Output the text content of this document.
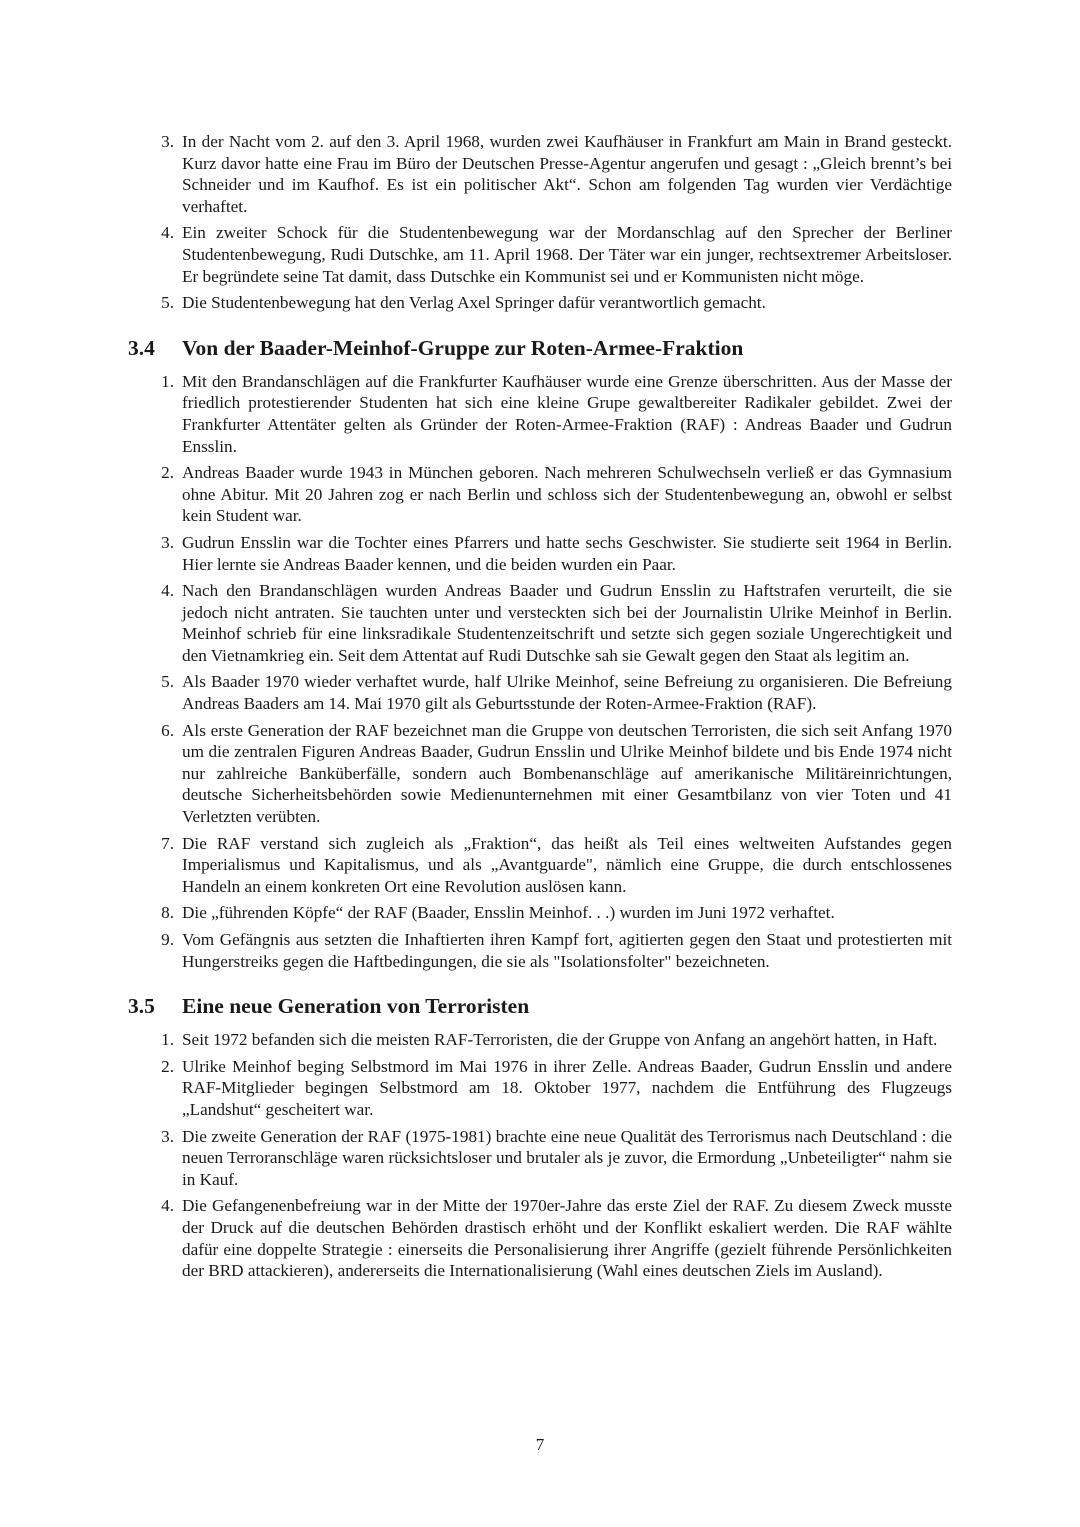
3. In der Nacht vom 2. auf den 3. April 1968, wurden zwei Kaufhäuser in Frankfurt am Main in Brand gesteckt. Kurz davor hatte eine Frau im Büro der Deutschen Presse-Agentur angerufen und gesagt : „Gleich brennt’s bei Schneider und im Kaufhof. Es ist ein politischer Akt“. Schon am folgenden Tag wurden vier Verdächtige verhaftet.
4. Ein zweiter Schock für die Studentenbewegung war der Mordanschlag auf den Sprecher der Berliner Studentenbewegung, Rudi Dutschke, am 11. April 1968. Der Täter war ein junger, rechtsextremer Arbeitsloser. Er begründete seine Tat damit, dass Dutschke ein Kommunist sei und er Kommunisten nicht möge.
5. Die Studentenbewegung hat den Verlag Axel Springer dafür verantwortlich gemacht.
3.4	Von der Baader-Meinhof-Gruppe zur Roten-Armee-Fraktion
1. Mit den Brandanschlägen auf die Frankfurter Kaufhäuser wurde eine Grenze überschritten. Aus der Masse der friedlich protestierender Studenten hat sich eine kleine Grupe gewaltbereiter Radikaler gebildet. Zwei der Frankfurter Attentäter gelten als Gründer der Roten-Armee-Fraktion (RAF) : Andreas Baader und Gudrun Ensslin.
2. Andreas Baader wurde 1943 in München geboren. Nach mehreren Schulwechseln verließ er das Gymnasium ohne Abitur. Mit 20 Jahren zog er nach Berlin und schloss sich der Studentenbewegung an, obwohl er selbst kein Student war.
3. Gudrun Ensslin war die Tochter eines Pfarrers und hatte sechs Geschwister. Sie studierte seit 1964 in Berlin. Hier lernte sie Andreas Baader kennen, und die beiden wurden ein Paar.
4. Nach den Brandanschlägen wurden Andreas Baader und Gudrun Ensslin zu Haftstrafen verurteilt, die sie jedoch nicht antraten. Sie tauchten unter und versteckten sich bei der Journalistin Ulrike Meinhof in Berlin. Meinhof schrieb für eine linksradikale Studentenzeitschrift und setzte sich gegen soziale Ungerechtigkeit und den Vietnamkrieg ein. Seit dem Attentat auf Rudi Dutschke sah sie Gewalt gegen den Staat als legitim an.
5. Als Baader 1970 wieder verhaftet wurde, half Ulrike Meinhof, seine Befreiung zu organisieren. Die Befreiung Andreas Baaders am 14. Mai 1970 gilt als Geburtsstunde der Roten-Armee-Fraktion (RAF).
6. Als erste Generation der RAF bezeichnet man die Gruppe von deutschen Terroristen, die sich seit Anfang 1970 um die zentralen Figuren Andreas Baader, Gudrun Ensslin und Ulrike Meinhof bildete und bis Ende 1974 nicht nur zahlreiche Banküberfälle, sondern auch Bombenanschläge auf amerikanische Militäreinrichtungen, deutsche Sicherheitsbehörden sowie Medienunternehmen mit einer Gesamtbilanz von vier Toten und 41 Verletzten verübten.
7. Die RAF verstand sich zugleich als „Fraktion“, das heißt als Teil eines weltweiten Aufstandes gegen Imperialismus und Kapitalismus, und als „Avantguarde", nämlich eine Gruppe, die durch entschlossenes Handeln an einem konkreten Ort eine Revolution auslösen kann.
8. Die „führenden Köpfe“ der RAF (Baader, Ensslin Meinhof. . .) wurden im Juni 1972 verhaftet.
9. Vom Gefängnis aus setzten die Inhaftierten ihren Kampf fort, agitierten gegen den Staat und protestierten mit Hungerstreiks gegen die Haftbedingungen, die sie als "Isolationsfolter" bezeichneten.
3.5	Eine neue Generation von Terroristen
1. Seit 1972 befanden sich die meisten RAF-Terroristen, die der Gruppe von Anfang an angehört hatten, in Haft.
2. Ulrike Meinhof beging Selbstmord im Mai 1976 in ihrer Zelle. Andreas Baader, Gudrun Ensslin und andere RAF-Mitglieder begingen Selbstmord am 18. Oktober 1977, nachdem die Entführung des Flugzeugs „Landshut“ gescheitert war.
3. Die zweite Generation der RAF (1975-1981) brachte eine neue Qualität des Terrorismus nach Deutschland : die neuen Terroranschläge waren rücksichtsloser und brutaler als je zuvor, die Ermordung „Unbeteiligter“ nahm sie in Kauf.
4. Die Gefangenenbefreiung war in der Mitte der 1970er-Jahre das erste Ziel der RAF. Zu diesem Zweck musste der Druck auf die deutschen Behörden drastisch erhöht und der Konflikt eskaliert werden. Die RAF wählte dafür eine doppelte Strategie : einerseits die Personalisierung ihrer Angriffe (gezielt führende Persönlichkeiten der BRD attackieren), andererseits die Internationalisierung (Wahl eines deutschen Ziels im Ausland).
7
